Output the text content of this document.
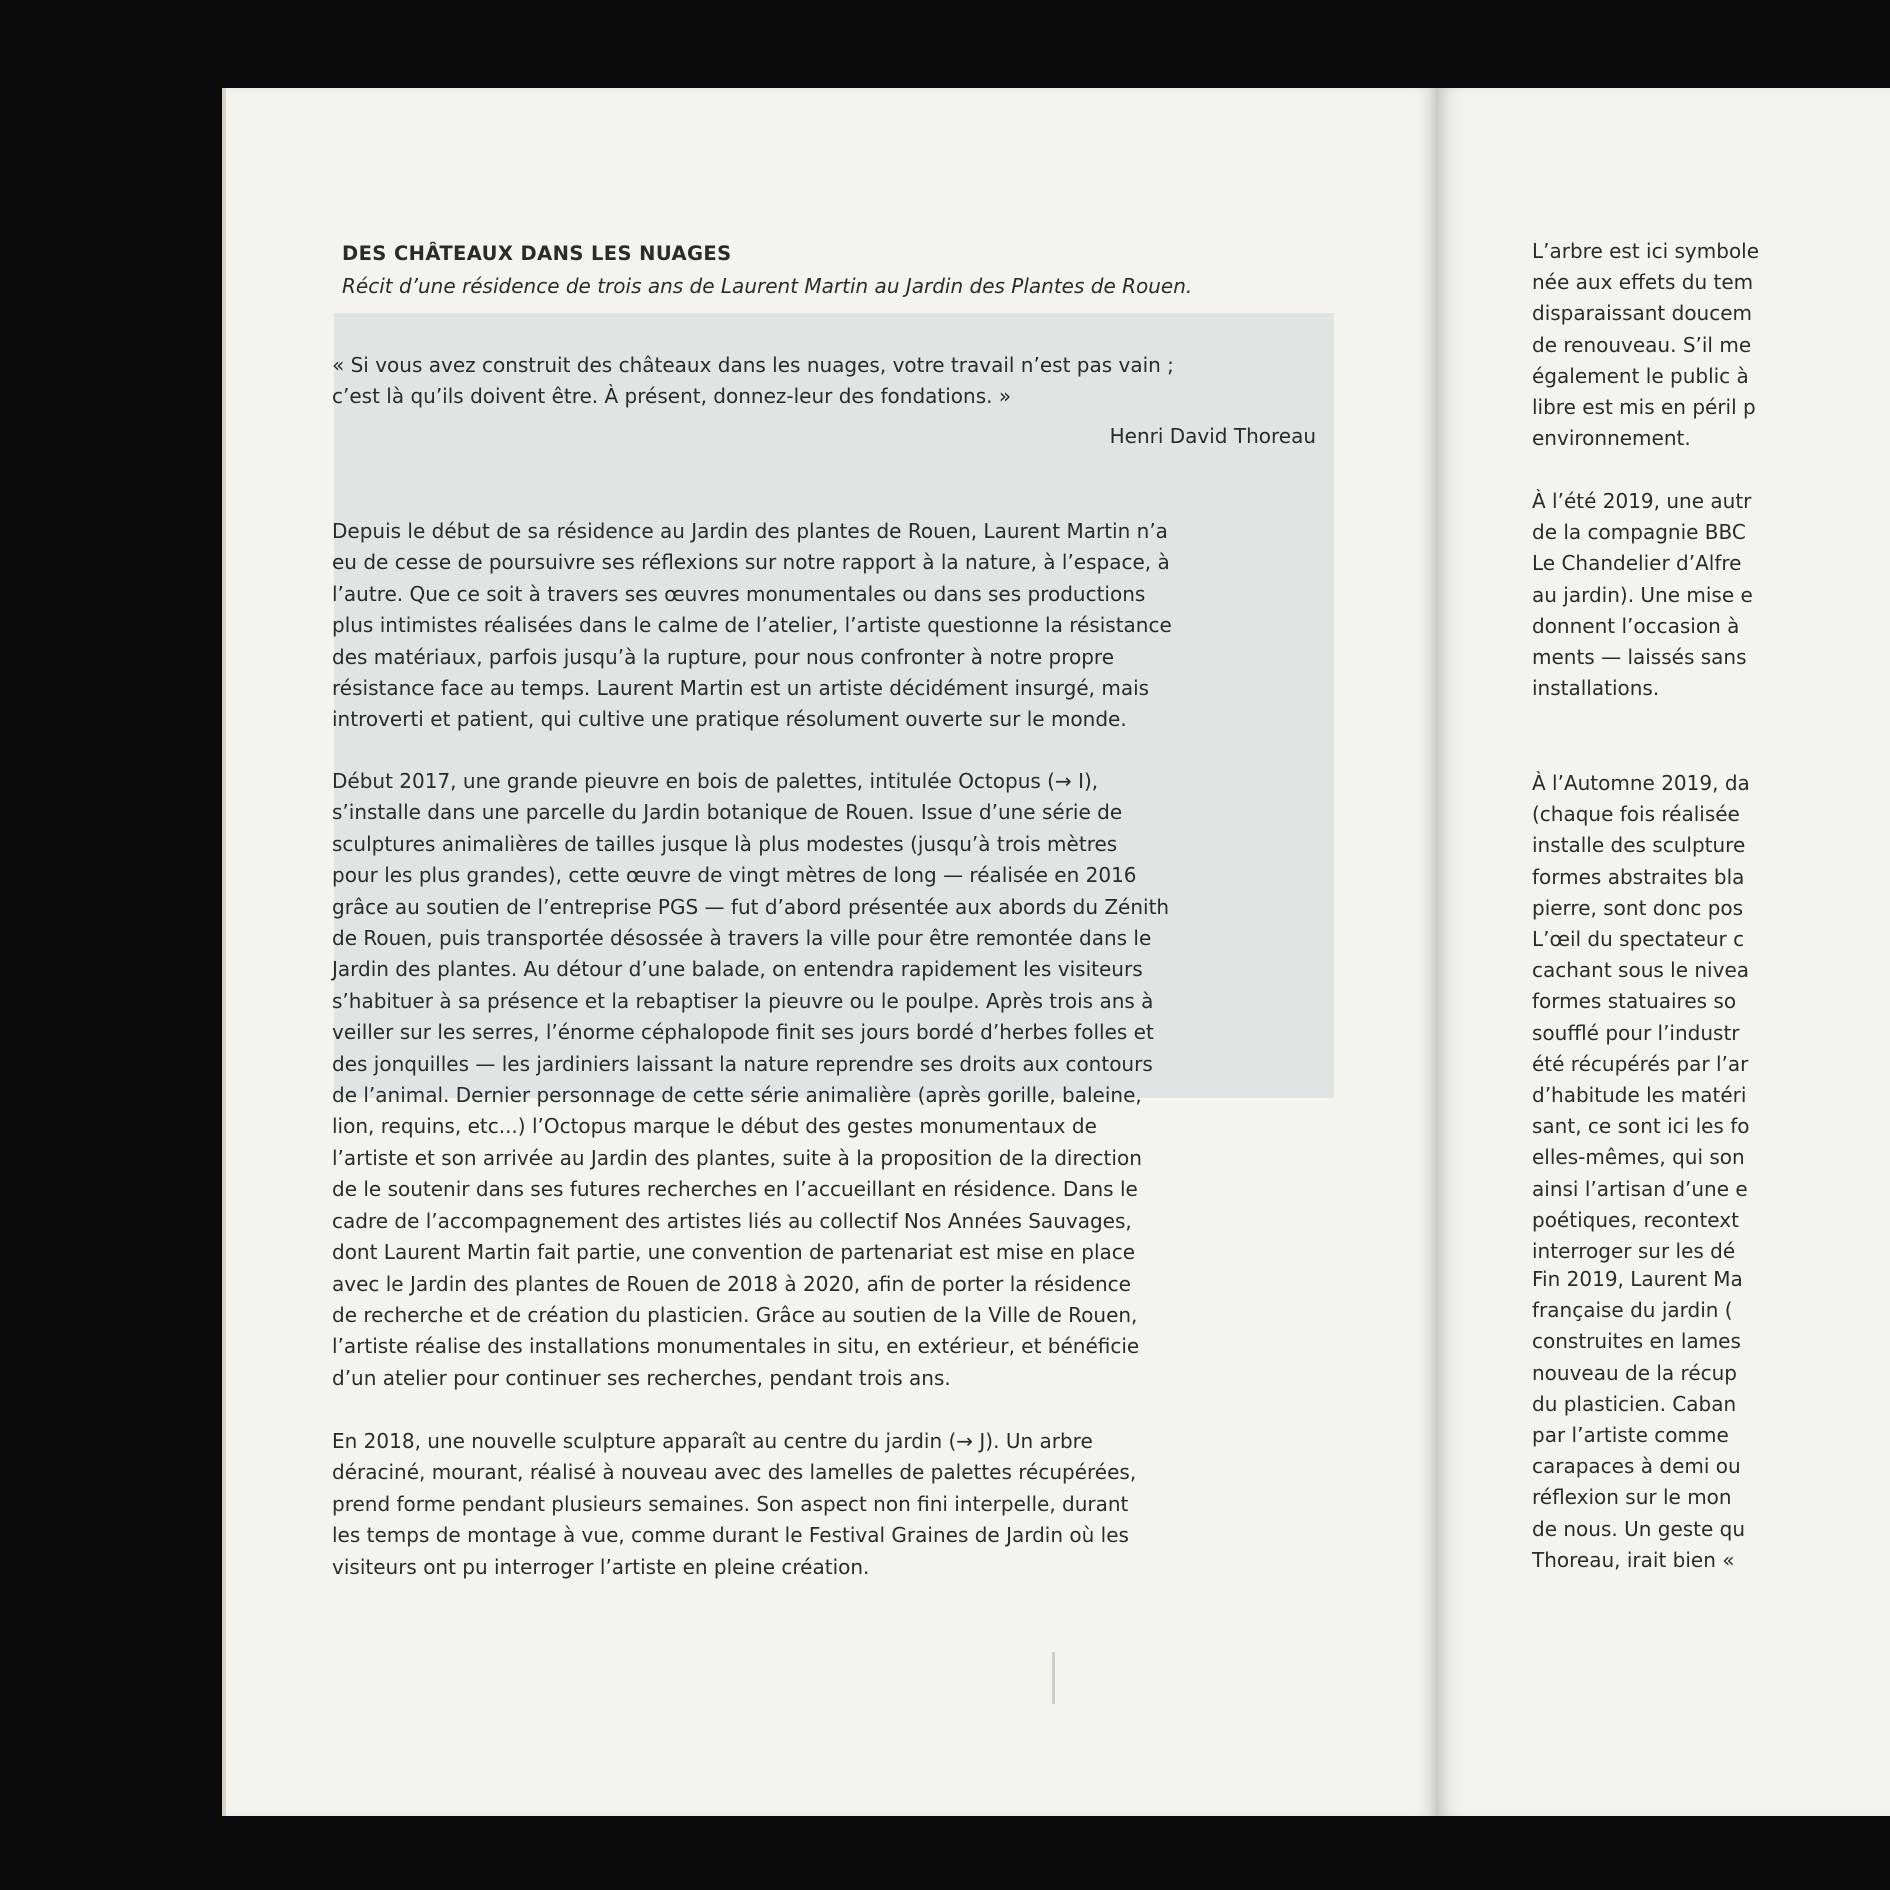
DES CHÂTEAUX DANS LES NUAGES
Récit d’une résidence de trois ans de Laurent Martin au Jardin des Plantes de Rouen.

« Si vous avez construit des châteaux dans les nuages, votre travail n’est pas vain ;
c’est là qu’ils doivent être. À présent, donnez-leur des fondations. »

Henri David Thoreau

Depuis le début de sa résidence au Jardin des plantes de Rouen, Laurent Martin n’a
eu de cesse de poursuivre ses réflexions sur notre rapport à la nature, à l’espace, à
l’autre. Que ce soit à travers ses œuvres monumentales ou dans ses productions
plus intimistes réalisées dans le calme de l’atelier, l’artiste questionne la résistance
des matériaux, parfois jusqu’à la rupture, pour nous confronter à notre propre
résistance face au temps. Laurent Martin est un artiste décidément insurgé, mais
introverti et patient, qui cultive une pratique résolument ouverte sur le monde.

Début 2017, une grande pieuvre en bois de palettes, intitulée Octopus (→ I),
s’installe dans une parcelle du Jardin botanique de Rouen. Issue d’une série de
sculptures animalières de tailles jusque là plus modestes (jusqu’à trois mètres
pour les plus grandes), cette œuvre de vingt mètres de long — réalisée en 2016
grâce au soutien de l’entreprise PGS — fut d’abord présentée aux abords du Zénith
de Rouen, puis transportée désossée à travers la ville pour être remontée dans le
Jardin des plantes. Au détour d’une balade, on entendra rapidement les visiteurs
s’habituer à sa présence et la rebaptiser la pieuvre ou le poulpe. Après trois ans à
veiller sur les serres, l’énorme céphalopode finit ses jours bordé d’herbes folles et
des jonquilles — les jardiniers laissant la nature reprendre ses droits aux contours
de l’animal. Dernier personnage de cette série animalière (après gorille, baleine,
lion, requins, etc...) l’Octopus marque le début des gestes monumentaux de
l’artiste et son arrivée au Jardin des plantes, suite à la proposition de la direction
de le soutenir dans ses futures recherches en l’accueillant en résidence. Dans le
cadre de l’accompagnement des artistes liés au collectif Nos Années Sauvages,
dont Laurent Martin fait partie, une convention de partenariat est mise en place
avec le Jardin des plantes de Rouen de 2018 à 2020, afin de porter la résidence
de recherche et de création du plasticien. Grâce au soutien de la Ville de Rouen,
l’artiste réalise des installations monumentales in situ, en extérieur, et bénéficie
d’un atelier pour continuer ses recherches, pendant trois ans.

En 2018, une nouvelle sculpture apparaît au centre du jardin (→ J). Un arbre
déraciné, mourant, réalisé à nouveau avec des lamelles de palettes récupérées,
prend forme pendant plusieurs semaines. Son aspect non fini interpelle, durant
les temps de montage à vue, comme durant le Festival Graines de Jardin où les
visiteurs ont pu interroger l’artiste en pleine création.

L’arbre est ici symbole
née aux effets du tem
disparaissant doucem
de renouveau. S’il me
également le public à
libre est mis en péril p
environnement.

À l’été 2019, une autr
de la compagnie BBC
Le Chandelier d’Alfre
au jardin). Une mise e
donnent l’occasion à
ments — laissés sans
installations.

À l’Automne 2019, da
(chaque fois réalisée
installe des sculpture
formes abstraites bla
pierre, sont donc pos
L’œil du spectateur c
cachant sous le nivea
formes statuaires so
soufflé pour l’industr
été récupérés par l’ar
d’habitude les matéri
sant, ce sont ici les fo
elles-mêmes, qui son
ainsi l’artisan d’une e
poétiques, recontext
interroger sur les dé

Fin 2019, Laurent Ma
française du jardin (
construites en lames
nouveau de la récup
du plasticien. Caban
par l’artiste comme
carapaces à demi ou
réflexion sur le mon
de nous. Un geste qu
Thoreau, irait bien «
